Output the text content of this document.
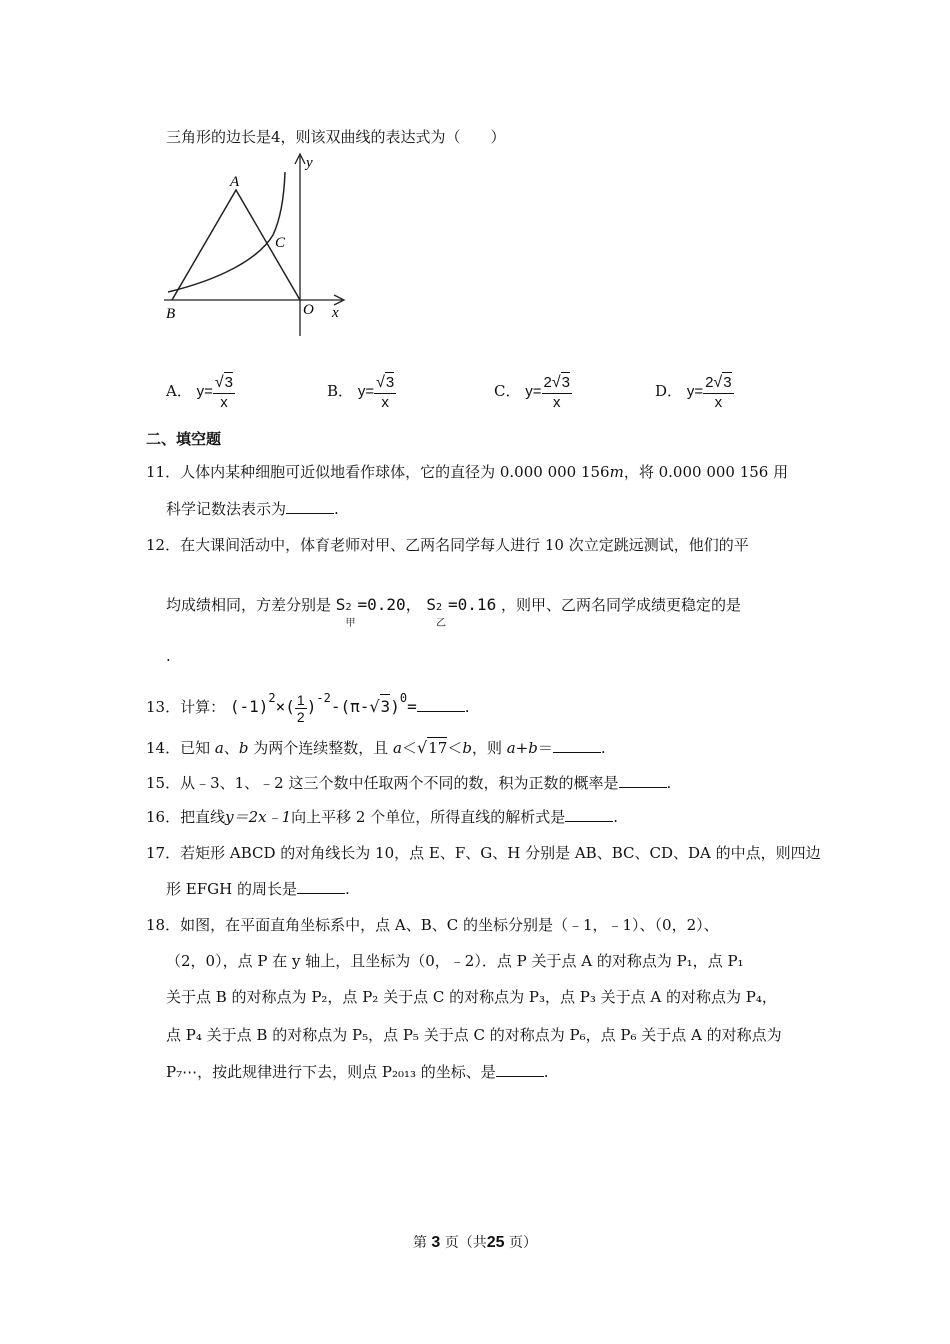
三角形的边长是4，则该双曲线的表达式为（　　）
A
B
C
O x
y
A． $y= \frac{√3}{x}$	B． $y= \frac{√3}{x}$	C． $y= \frac{2√3}{x}$	D． $y= \frac{2√3}{x}$
二、填空题
11．人体内某种细胞可近似地看作球体，它的直径为 0.000 000 156m，将 0.000 000 156 用
科学记数法表示为	.
12．在大课间活动中，体育老师对甲、乙两名同学每人进行 10 次立定跳远测试，他们的平
均成绩相同，方差分别是 S 2
甲
=0.20， S 2
乙
=0.16 ，则甲、乙两名同学成绩更稳定的是
.
13．计算： $(-1)^2\times( \frac{1}{2} )^{-2}-(\pi-√3)^0=$	.
14．已知 a、b 为两个连续整数，且 a＜√17＜b，则 a+b＝	.
15．从﹣3、1、﹣2 这三个数中任取两个不同的数，积为正数的概率是	.
16．把直线y＝2x﹣1向上平移 2 个单位，所得直线的解析式是	.
17．若矩形 ABCD 的对角线长为 10，点 E、F、G、H 分别是 AB、BC、CD、DA 的中点，则四边
形 EFGH 的周长是	.
18．如图，在平面直角坐标系中，点 A、B、C 的坐标分别是（﹣1，﹣1）、（0，2）、
（2，0），点 P 在 y 轴上，且坐标为（0，﹣2）．点 P 关于点 A 的对称点为 P₁，点 P₁
关于点 B 的对称点为 P₂，点 P₂ 关于点 C 的对称点为 P₃，点 P₃ 关于点 A 的对称点为 P₄，
点 P₄ 关于点 B 的对称点为 P₅，点 P₅ 关于点 C 的对称点为 P₆，点 P₆ 关于点 A 的对称点为
P₇⋯，按此规律进行下去，则点 P₂₀₁₃ 的坐标、是	.
第 3 页（共25 页）
